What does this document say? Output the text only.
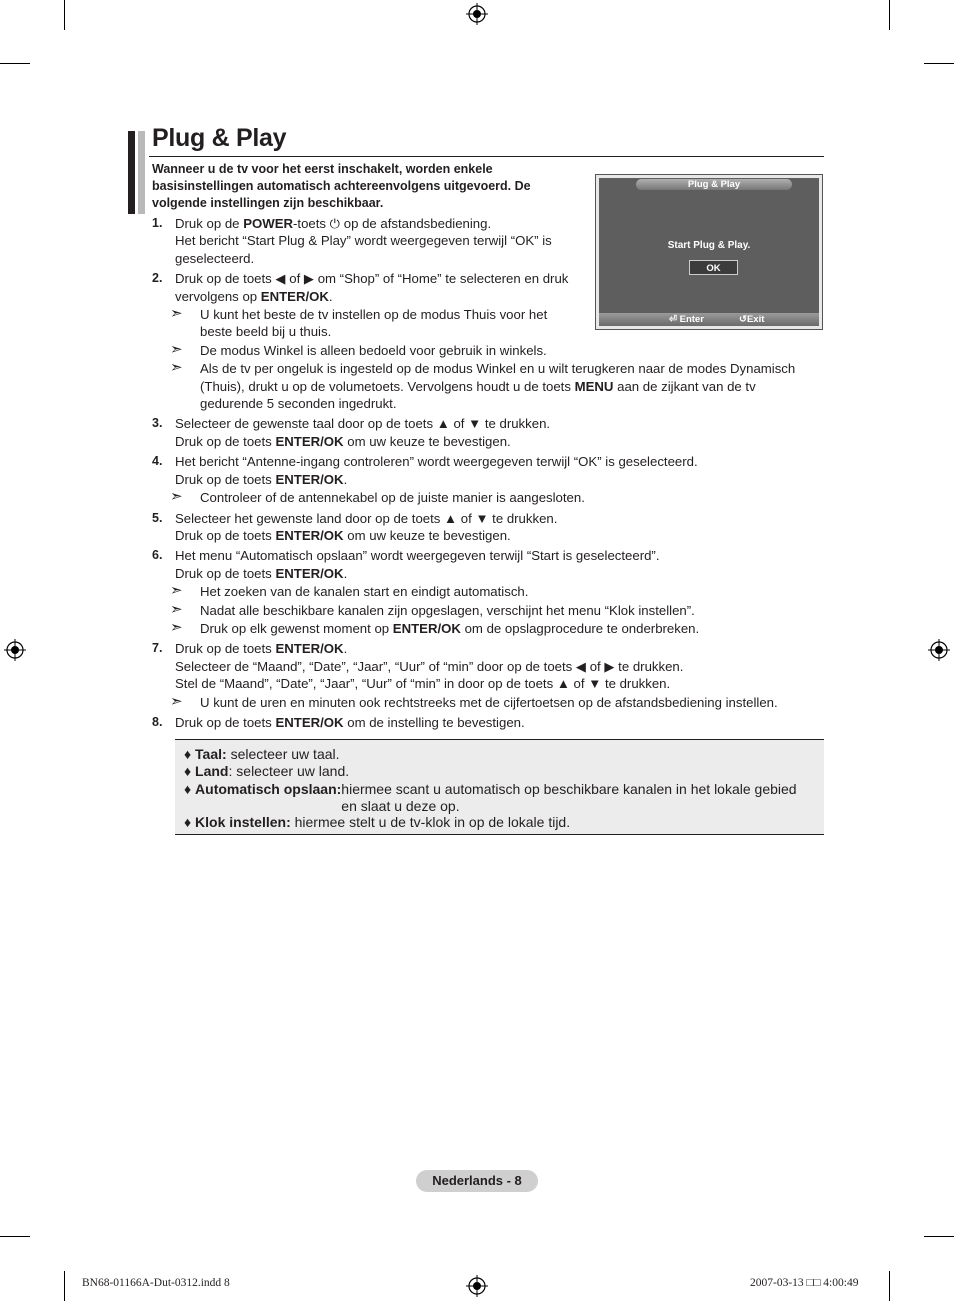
Plug & Play
Wanneer u de tv voor het eerst inschakelt, worden enkele basisinstellingen automatisch achtereenvolgens uitgevoerd. De volgende instellingen zijn beschikbaar.
Plug & Play
Start Plug & Play.
OK
⏎ Enter	↺Exit
1. Druk op de POWER-toets ⏻ op de afstandsbediening.

Het bericht “Start Plug & Play” wordt weergegeven terwijl “OK” is geselecteerd.

2. Druk op de toets ◀ of ▶ om “Shop” of “Home” te selecteren en druk vervolgens op ENTER/OK.

➣ U kunt het beste de tv instellen op de modus Thuis voor het beste beeld bij u thuis.
➣ De modus Winkel is alleen bedoeld voor gebruik in winkels.
➣ Als de tv per ongeluk is ingesteld op de modus Winkel en u wilt terugkeren naar de modes Dynamisch (Thuis), drukt u op de volumetoets. Vervolgens houdt u de toets MENU aan de zijkant van de tv gedurende 5 seconden ingedrukt.
3. Selecteer de gewenste taal door op de toets ▲ of ▼ te drukken.

Druk op de toets ENTER/OK om uw keuze te bevestigen.

4. Het bericht “Antenne-ingang controleren” wordt weergegeven terwijl “OK” is geselecteerd.

Druk op de toets ENTER/OK.

➣ Controleer of de antennekabel op de juiste manier is aangesloten.
5. Selecteer het gewenste land door op de toets ▲ of ▼ te drukken.

Druk op de toets ENTER/OK om uw keuze te bevestigen.

6. Het menu “Automatisch opslaan” wordt weergegeven terwijl “Start is geselecteerd”.

Druk op de toets ENTER/OK.

➣ Het zoeken van de kanalen start en eindigt automatisch.
➣ Nadat alle beschikbare kanalen zijn opgeslagen, verschijnt het menu “Klok instellen”.
➣ Druk op elk gewenst moment op ENTER/OK om de opslagprocedure te onderbreken.
7. Druk op de toets ENTER/OK.

Selecteer de “Maand”, “Date”, “Jaar”, “Uur” of “min” door op de toets ◀ of ▶ te drukken.

Stel de “Maand”, “Date”, “Jaar”, “Uur” of “min” in door op de toets ▲ of ▼ te drukken.

➣ U kunt de uren en minuten ook rechtstreeks met de cijfertoetsen op de afstandsbediening instellen.
8. Druk op de toets ENTER/OK om de instelling te bevestigen.

♦ Taal: selecteer uw taal.
♦ Land: selecteer uw land.
♦ Automatisch opslaan:hiermee scant u automatisch op beschikbare kanalen in het lokale gebied en slaat u deze op.
♦ Klok instellen: hiermee stelt u de tv-klok in op de lokale tijd.
Nederlands - 8
BN68-01166A-Dut-0312.indd 8	2007-03-13 □□ 4:00:49
